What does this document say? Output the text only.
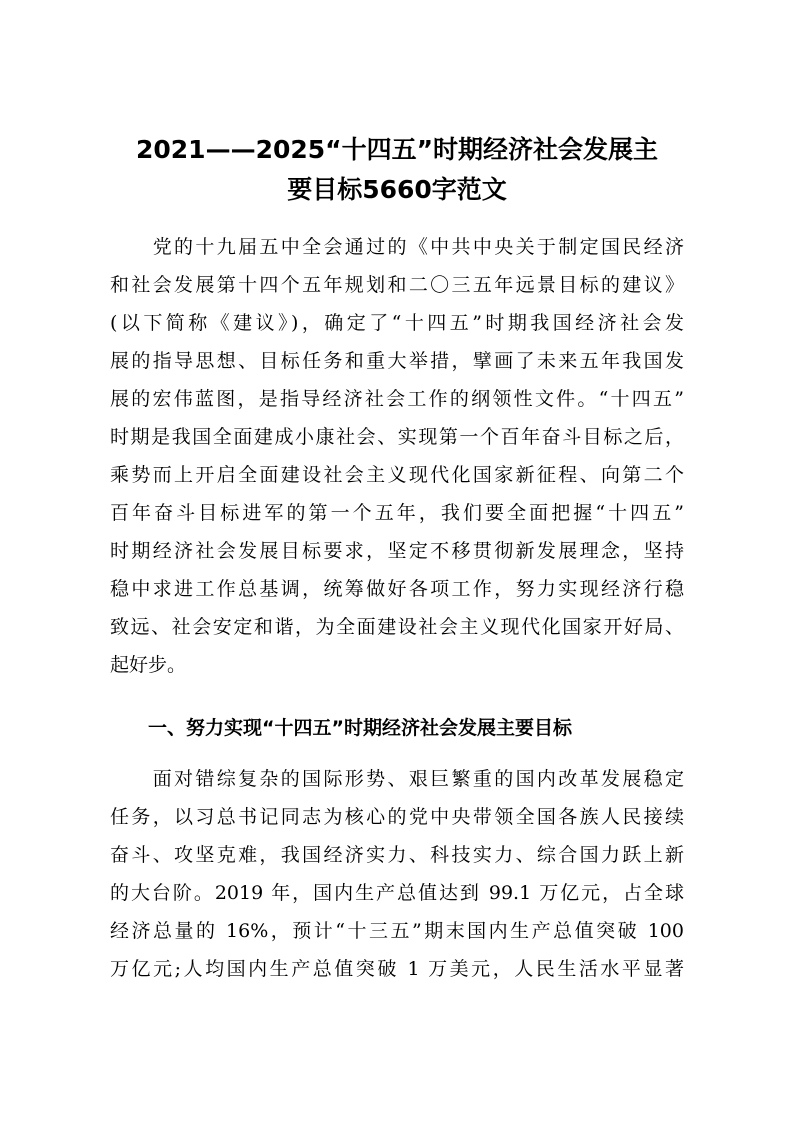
2021——2025“十四五”时期经济社会发展主
要目标5660字范文
　　党的十九届五中全会通过的《中共中央关于制定国民经济
和社会发展第十四个五年规划和二〇三五年远景目标的建议》
(以下简称《建议》)，确定了“十四五”时期我国经济社会发
展的指导思想、目标任务和重大举措，擘画了未来五年我国发
展的宏伟蓝图，是指导经济社会工作的纲领性文件。“十四五”
时期是我国全面建成小康社会、实现第一个百年奋斗目标之后，
乘势而上开启全面建设社会主义现代化国家新征程、向第二个
百年奋斗目标进军的第一个五年，我们要全面把握“十四五”
时期经济社会发展目标要求，坚定不移贯彻新发展理念，坚持
稳中求进工作总基调，统筹做好各项工作，努力实现经济行稳
致远、社会安定和谐，为全面建设社会主义现代化国家开好局、
起好步。
　　一、努力实现“十四五”时期经济社会发展主要目标
　　面对错综复杂的国际形势、艰巨繁重的国内改革发展稳定
任务，以习总书记同志为核心的党中央带领全国各族人民接续
奋斗、攻坚克难，我国经济实力、科技实力、综合国力跃上新
的大台阶。2019 年，国内生产总值达到 99.1 万亿元，占全球
经济总量的 16%，预计“十三五”期末国内生产总值突破 100
万亿元;人均国内生产总值突破 1 万美元，人民生活水平显著
